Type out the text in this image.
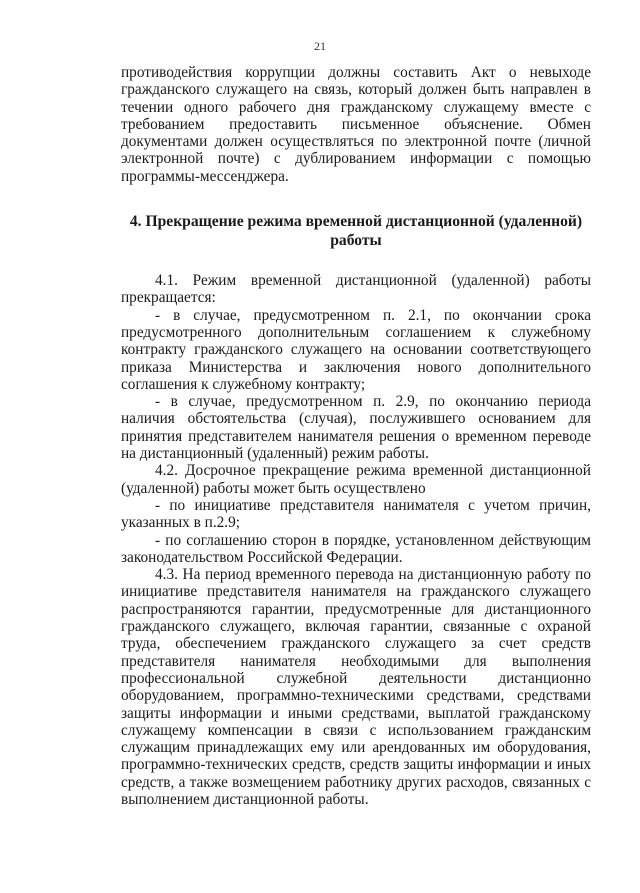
21

противодействия коррупции должны составить Акт о невыходе гражданского служащего на связь, который должен быть направлен в течении одного рабочего дня гражданскому служащему вместе с требованием предоставить письменное объяснение. Обмен документами должен осуществляться по электронной почте (личной электронной почте) с дублированием информации с помощью программы-мессенджера.

4. Прекращение режима временной дистанционной (удаленной) работы

4.1. Режим временной дистанционной (удаленной) работы прекращается:

- в случае, предусмотренном п. 2.1, по окончании срока предусмотренного дополнительным соглашением к служебному контракту гражданского служащего на основании соответствующего приказа Министерства и заключения нового дополнительного соглашения к служебному контракту;

- в случае, предусмотренном п. 2.9, по окончанию периода наличия обстоятельства (случая), послужившего основанием для принятия представителем нанимателя решения о временном переводе на дистанционный (удаленный) режим работы.

4.2. Досрочное прекращение режима временной дистанционной (удаленной) работы может быть осуществлено

- по инициативе представителя нанимателя с учетом причин, указанных в п.2.9;

- по соглашению сторон в порядке, установленном действующим законодательством Российской Федерации.

4.3. На период временного перевода на дистанционную работу по инициативе представителя нанимателя на гражданского служащего распространяются гарантии, предусмотренные для дистанционного гражданского служащего, включая гарантии, связанные с охраной труда, обеспечением гражданского служащего за счет средств представителя нанимателя необходимыми для выполнения профессиональной служебной деятельности дистанционно оборудованием, программно-техническими средствами, средствами защиты информации и иными средствами, выплатой гражданскому служащему компенсации в связи с использованием гражданским служащим принадлежащих ему или арендованных им оборудования, программно-технических средств, средств защиты информации и иных средств, а также возмещением работнику других расходов, связанных с выполнением дистанционной работы.
